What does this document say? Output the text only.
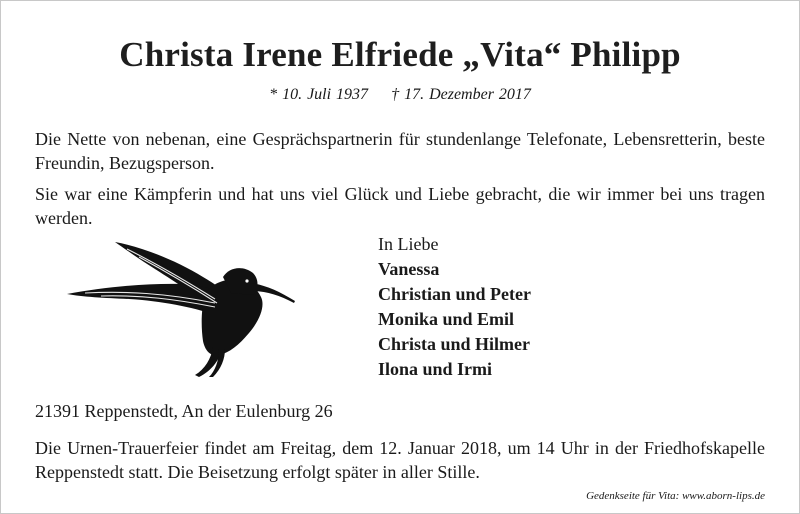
Christa Irene Elfriede „Vita“ Philipp
* 10. Juli 1937 † 17. Dezember 2017
Die Nette von nebenan, eine Gesprächspartnerin für stundenlange Telefonate, Lebensretterin, beste Freundin, Bezugsperson.
Sie war eine Kämpferin und hat uns viel Glück und Liebe gebracht, die wir immer bei uns tragen werden.
In Liebe
Vanessa
Christian und Peter
Monika und Emil
Christa und Hilmer
Ilona und Irmi
21391 Reppenstedt, An der Eulenburg 26
Die Urnen-Trauerfeier findet am Freitag, dem 12. Januar 2018, um 14 Uhr in der Friedhofskapelle Reppenstedt statt. Die Beisetzung erfolgt später in aller Stille.
Gedenkseite für Vita: www.aborn-lips.de
